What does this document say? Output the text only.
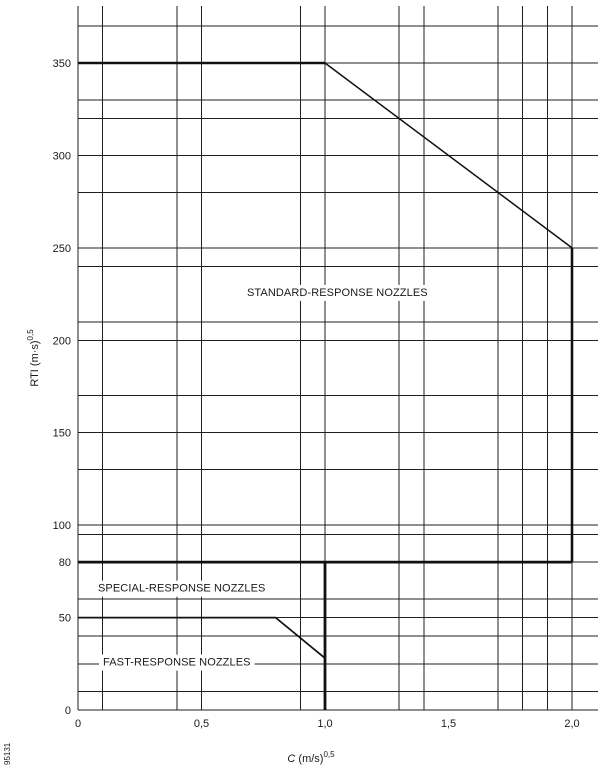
0	0,5	1,0	1,5	2,0
0
50
80
100
150
200
250
300
350
STANDARD-RESPONSE NOZZLES
SPECIAL-RESPONSE NOZZLES
FAST-RESPONSE NOZZLES
C $(m/s)^{0,5}$
RTI $(m\cdot s)^{0,5}$
95131
